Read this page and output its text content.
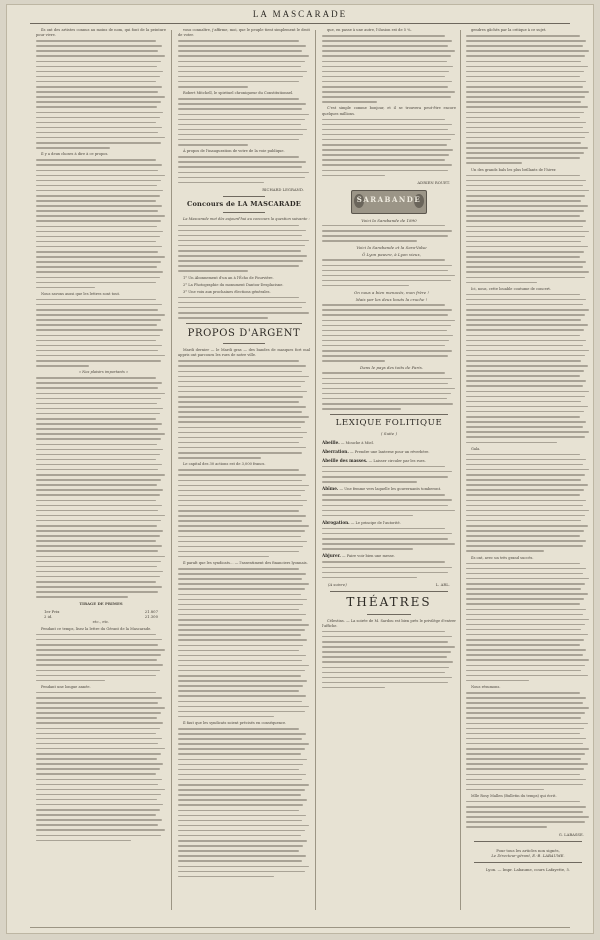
LA MASCARADE

Ils ont des artistes connus au moins de nom, qui font de la peinture pour vivre.

Il y a deux choses à dire à ce propos.

Nous savons aussi que les lettres sont tout.

« Nos plaisirs importants »

TIRAGE DE PRIMES
1er Prix	21.807
2 id.	21.300
etc., etc.

Pendant ce temps, lisez la lettre du Gérant de la Mascarade.

Pendant une longue année.

vous connaître, j'affirme, moi, que le peuple tient simplement le droit de voter.

Robert Mitchell, le spirituel chroniqueur du Constitutionnel.

À propos de l'inauguration de votre de la voie publique.

RICHARD LEGRAND.
Concours de LA MASCARADE

La Mascarade met dès aujourd'hui au concours la question suivante :

1° Un Abonnement d'un an à l'Écho de Fourvière.

2° La Photographie du monument Dantou-Desplacisne.

3° Une voix aux prochaines élections générales.

PROPOS D'ARGENT

Mardi dernier — le Mardi gras — des bandes de masques fort mal appris ont parcouru les rues de notre ville.

Le capital des 30 actions est de 3,000 francs.

Il paraît que les syndicats… — l'assentiment des financiers lyonnais.

Il faut que les syndicats soient précisés en conséquence.

que, en passe à une autre, l'ilusion est de 5 %.

C'est simple comme bonjour, et il se trouvera peut-être encore quelques millions.

ADRIEN ROUET.
SARABANDE
Voici la Sarabande de 1890

Voici la Sarabande et la Sara-Valse

Ô Lyon pauvre, à Lyon vieux,

On nous a bien menacés, mon frère !

Mais par les deux bouts la cruche !

Dans le pays des toits de Paris.

LEXIQUE FOLITIQUE
( Suite )
Abeille. — Mouche à Miel.
Aberration. — Prendre une lanterne pour un réverbère.
Abeille des masses. — Laisser circuler par les rues.
Abîme. — Une femme vers laquelle les gouvernants tomberont.
Abrogation. — Le principe de l'autorité.
Abjurer. — Faire voir bien une messe.
(A suivre)	L. ARL.
THÉATRES

Célestins. — La soirée de M. Sardou est bien près le privilège d'entrer l'affiche.

gendres gâchés par la critique à ce sujet.

Un des grands bals les plus brillants de l'hiver.

Ici, nous, cette louable coutume de concert.

Gala.

Ils ont, avec un très grand succès.

Nous résumons.

Mlle Rosy Mallen (Bulletin du temps) qui écrit.

G. LABASSE.
Pour tous les articles non signés,
Le Directeur-gérant, E.-B. LABAUME.
Lyon. — Impr. Labaume, cours Lafayette, 5.
